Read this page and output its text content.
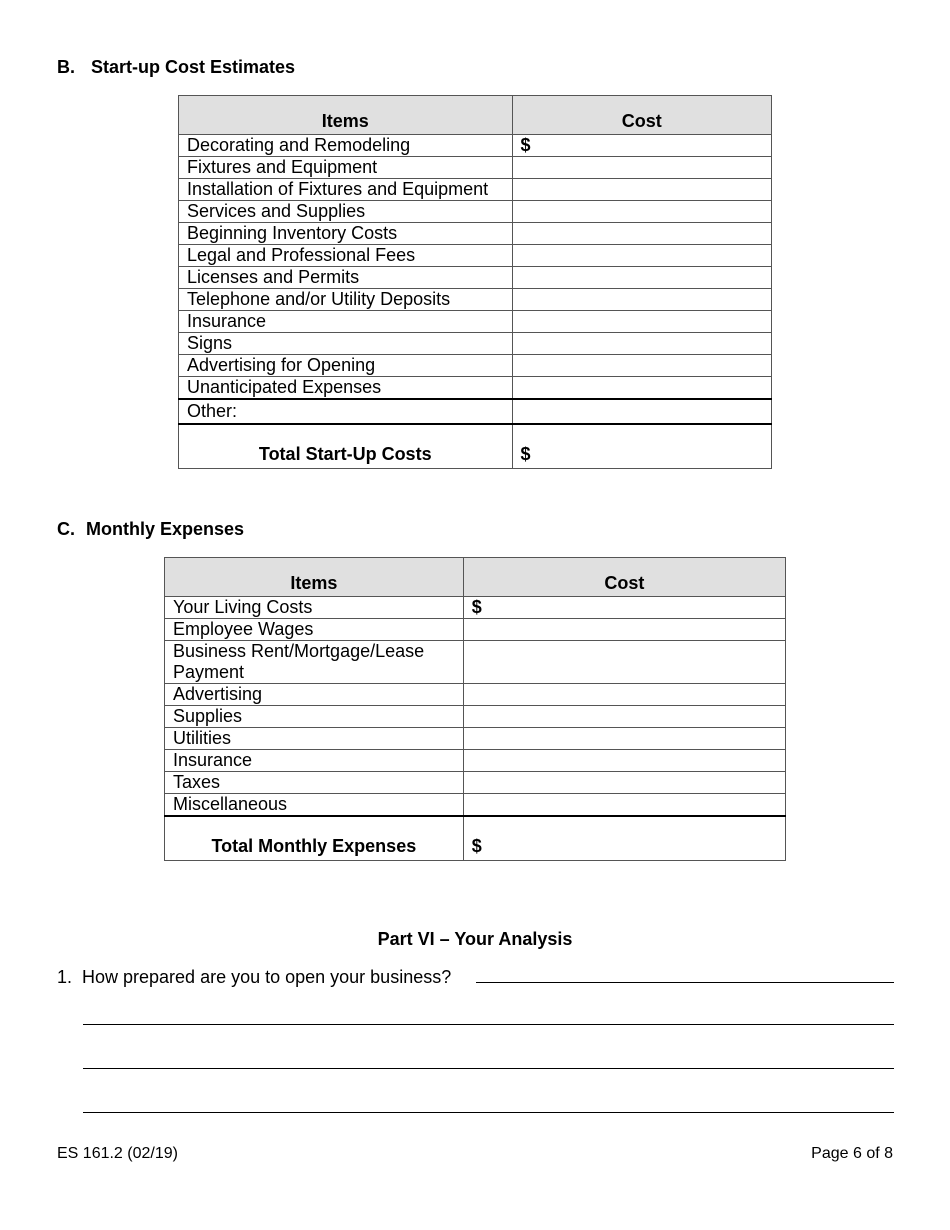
B. Start-up Cost Estimates
Items	Cost
Decorating and Remodeling	$
Fixtures and Equipment	
Installation of Fixtures and Equipment	
Services and Supplies	
Beginning Inventory Costs	
Legal and Professional Fees	
Licenses and Permits	
Telephone and/or Utility Deposits	
Insurance	
Signs	
Advertising for Opening	
Unanticipated Expenses	
Other:	
Total Start-Up Costs	$
C. Monthly Expenses
Items	Cost
Your Living Costs	$
Employee Wages	
Business Rent/Mortgage/Lease Payment	
Advertising	
Supplies	
Utilities	
Insurance	
Taxes	
Miscellaneous	
Total Monthly Expenses	$
Part VI – Your Analysis
1. How prepared are you to open your business?
ES 161.2 (02/19)	Page 6 of 8
